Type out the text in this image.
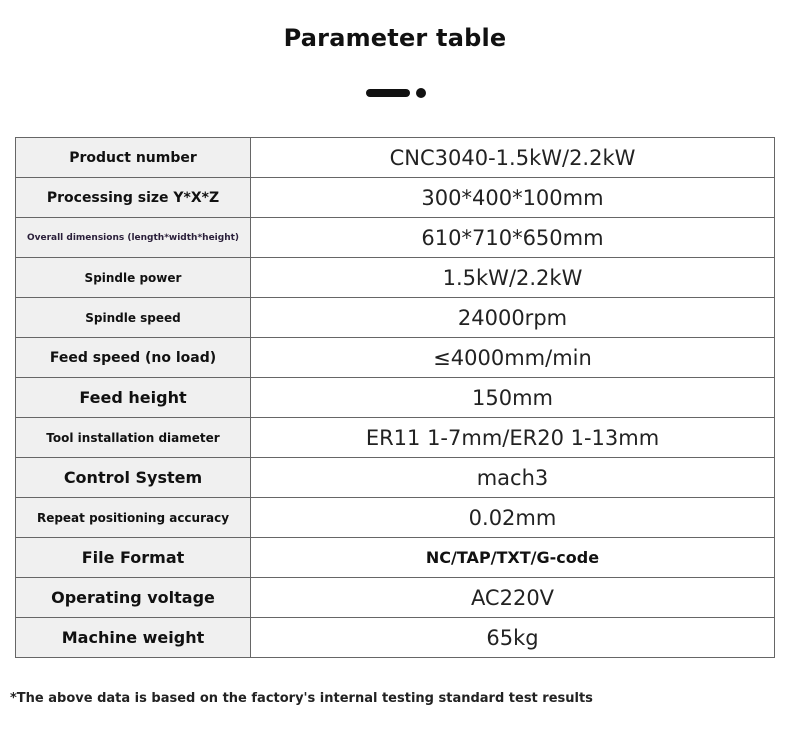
Parameter table
Product number	CNC3040-1.5kW/2.2kW
Processing size Y*X*Z	300*400*100mm
Overall dimensions (length*width*height)	610*710*650mm
Spindle power	1.5kW/2.2kW
Spindle speed	24000rpm
Feed speed (no load)	≤4000mm/min
Feed height	150mm
Tool installation diameter	ER11 1-7mm/ER20 1-13mm
Control System	mach3
Repeat positioning accuracy	0.02mm
File Format	NC/TAP/TXT/G-code
Operating voltage	AC220V
Machine weight	65kg
*The above data is based on the factory's internal testing standard test results
